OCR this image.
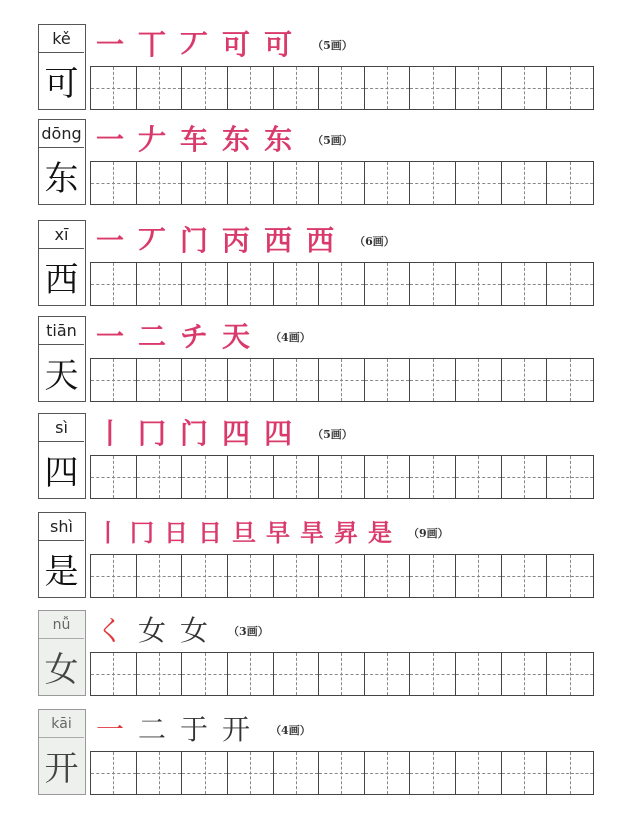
kě
可
一 丅 丆 可 可 （5画）
dōng
东
一 𠂇 车 东 东 （5画）
xī
西
一 丆 门 丙 西 西 （6画）
tiān
天
一 二 チ 天 （4画）
sì
四
丨 冂 门 四 四 （5画）
shì
是
丨 冂 日 日 旦 早 旱 昇 是 （9画）
nǚ
女
く 女 女 （3画）
kāi
开
一 二 于 开 （4画）
